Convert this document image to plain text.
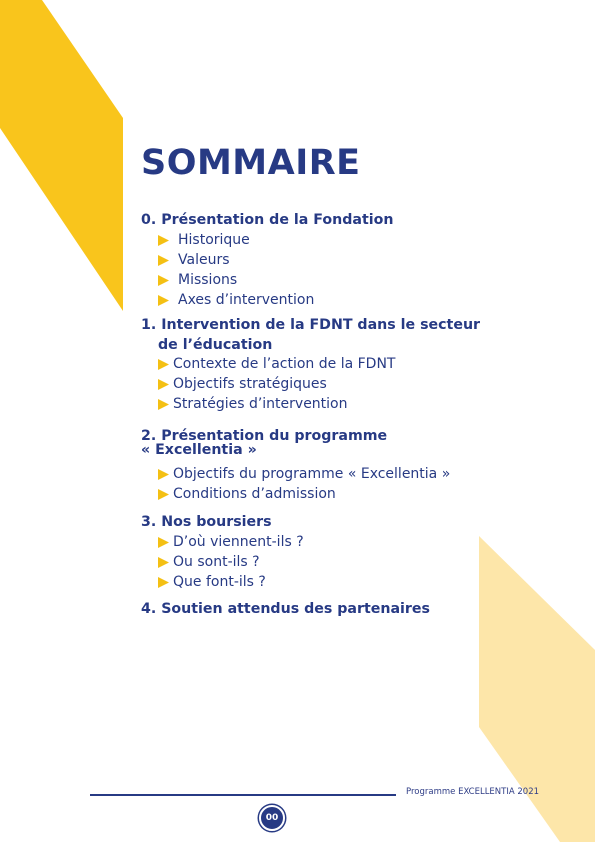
SOMMAIRE
0. Présentation de la Fondation
Historique
Valeurs
Missions
Axes d’intervention
1. Intervention de la FDNT dans le secteur
de l’éducation
Contexte de l’action de la FDNT
Objectifs stratégiques
Stratégies d’intervention
2. Présentation du programme
« Excellentia »
Objectifs du programme « Excellentia »
Conditions d’admission
3. Nos boursiers
D’où viennent-ils ?
Ou sont-ils ?
Que font-ils ?
4. Soutien attendus des partenaires
Programme EXCELLENTIA 2021
00
